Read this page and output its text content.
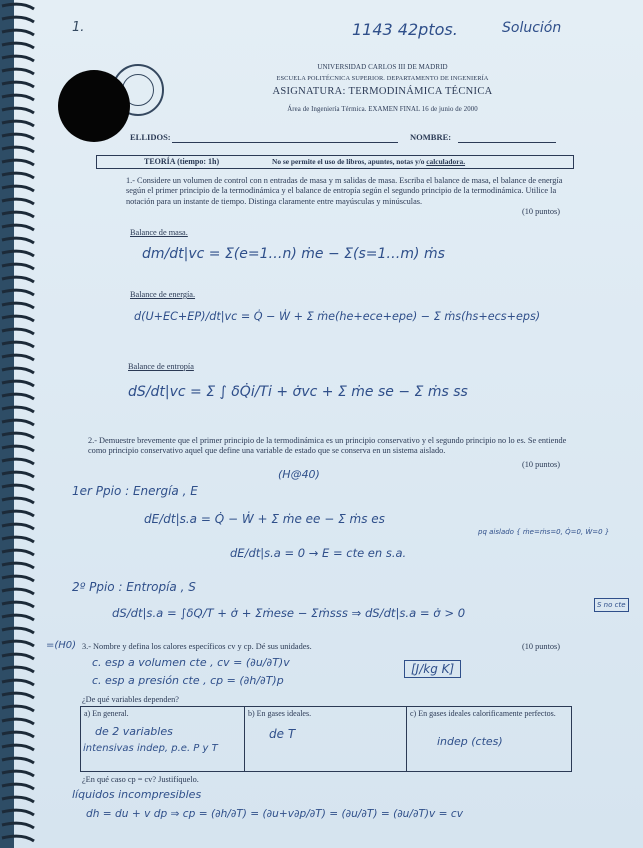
1.	1143 42ptos.	Solución
UNIVERSIDAD CARLOS III DE MADRID
ESCUELA POLITÉCNICA SUPERIOR. DEPARTAMENTO DE INGENIERÍA
ASIGNATURA: TERMODINÁMICA TÉCNICA
Área de Ingeniería Térmica. EXAMEN FINAL 16 de junio de 2000
ELLIDOS:	NOMBRE:
TEORÍA (tiempo: 1h)	No se permite el uso de libros, apuntes, notas y/o calculadora.
1.- Considere un volumen de control con n entradas de masa y m salidas de masa. Escriba el balance de masa, el balance de energía según el primer principio de la termodinámica y el balance de entropía según el segundo principio de la termodinámica. Utilice la notación para un instante de tiempo. Distinga claramente entre mayúsculas y minúsculas.
(10 puntos)
Balance de masa.
dm/dt|vc = Σ(e=1…n) ṁe − Σ(s=1…m) ṁs
Balance de energía.
d(U+EC+EP)/dt|vc = Q̇ − Ẇ + Σ ṁe(he+ece+epe) − Σ ṁs(hs+ecs+eps)
Balance de entropía
dS/dt|vc = Σ ∫ δQ̇i/Ti + σ̇vc + Σ ṁe se − Σ ṁs ss
2.- Demuestre brevemente que el primer principio de la termodinámica es un principio conservativo y el segundo principio no lo es. Se entiende como principio conservativo aquel que define una variable de estado que se conserva en un sistema aislado.
(10 puntos)
(H@40)
1er Ppio : Energía , E
dE/dt|s.a = Q̇ − Ẇ + Σ ṁe ee − Σ ṁs es
pq aislado { ṁe=ṁs=0, Q̇=0, Ẇ=0 }
dE/dt|s.a = 0 → E = cte en s.a.
2º Ppio : Entropía , S
dS/dt|s.a = ∫δQ/T + σ̇ + Σṁese − Σṁsss ⇒ dS/dt|s.a = σ̇ > 0
S no cte
=(H0) 3.- Nombre y defina los calores específicos cv y cp. Dé sus unidades.	(10 puntos)
c. esp a volumen cte , cv = (∂u/∂T)v
c. esp a presión cte , cp = (∂h/∂T)p
[J/kg K]
¿De qué variables dependen?
a) En general.
de 2 variables
intensivas indep, p.e. P y T
b) En gases ideales.
de T
c) En gases ideales calorificamente perfectos.
indep (ctes)
¿En qué caso cp = cv? Justifíquelo.
líquidos incompresibles
dh = du + v dp ⇒ cp = (∂h/∂T) = (∂u+v∂p/∂T) = (∂u/∂T) = (∂u/∂T)v = cv
